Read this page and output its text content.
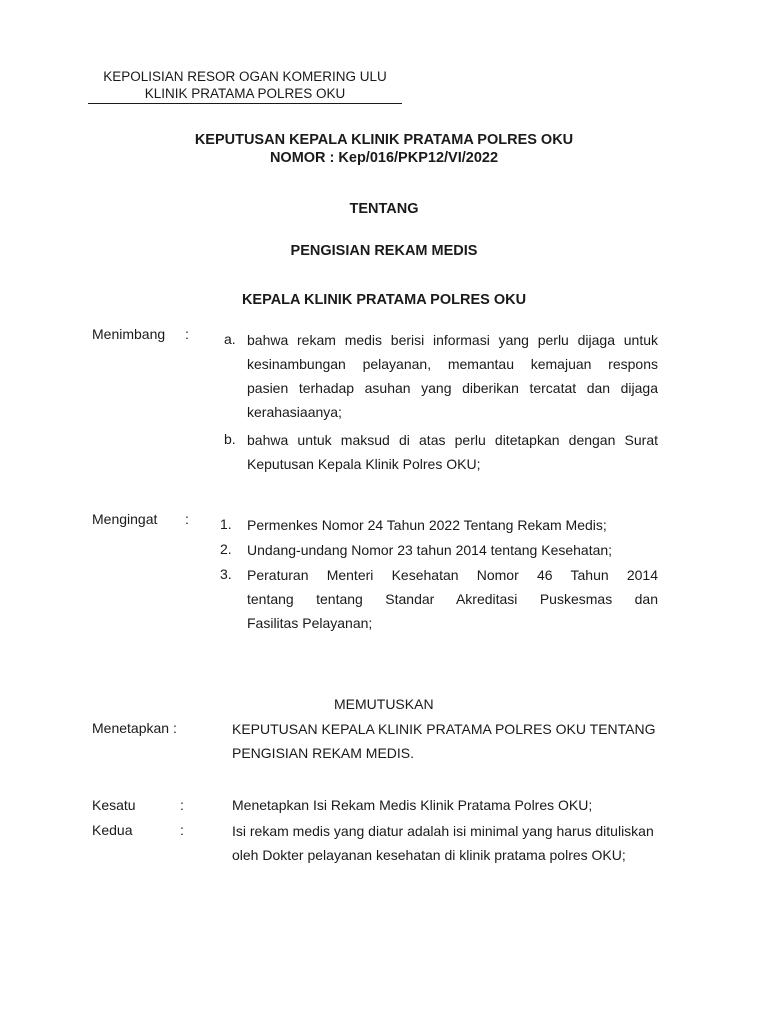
KEPOLISIAN RESOR OGAN KOMERING ULU
KLINIK PRATAMA POLRES OKU
KEPUTUSAN KEPALA KLINIK PRATAMA POLRES OKU
NOMOR : Kep/016/PKP12/VI/2022
TENTANG
PENGISIAN REKAM MEDIS
KEPALA KLINIK PRATAMA POLRES OKU
Menimbang :	a. bahwa rekam medis berisi informasi yang perlu dijaga untuk
kesinambungan pelayanan, memantau kemajuan respons
pasien terhadap asuhan yang diberikan tercatat dan dijaga
kerahasiaanya;
b. bahwa untuk maksud di atas perlu ditetapkan dengan Surat
Keputusan Kepala Klinik Polres OKU;
Mengingat : 1. Permenkes Nomor 24 Tahun 2022 Tentang Rekam Medis;
2. Undang-undang Nomor 23 tahun 2014 tentang Kesehatan;
3. Peraturan Menteri Kesehatan Nomor 46 Tahun 2014
tentang tentang Standar Akreditasi Puskesmas dan
Fasilitas Pelayanan;
MEMUTUSKAN
Menetapkan :	KEPUTUSAN KEPALA KLINIK PRATAMA POLRES OKU TENTANG
PENGISIAN REKAM MEDIS.
Kesatu	:	Menetapkan Isi Rekam Medis Klinik Pratama Polres OKU;
Kedua	:	Isi rekam medis yang diatur adalah isi minimal yang harus dituliskan
oleh Dokter pelayanan kesehatan di klinik pratama polres OKU;
